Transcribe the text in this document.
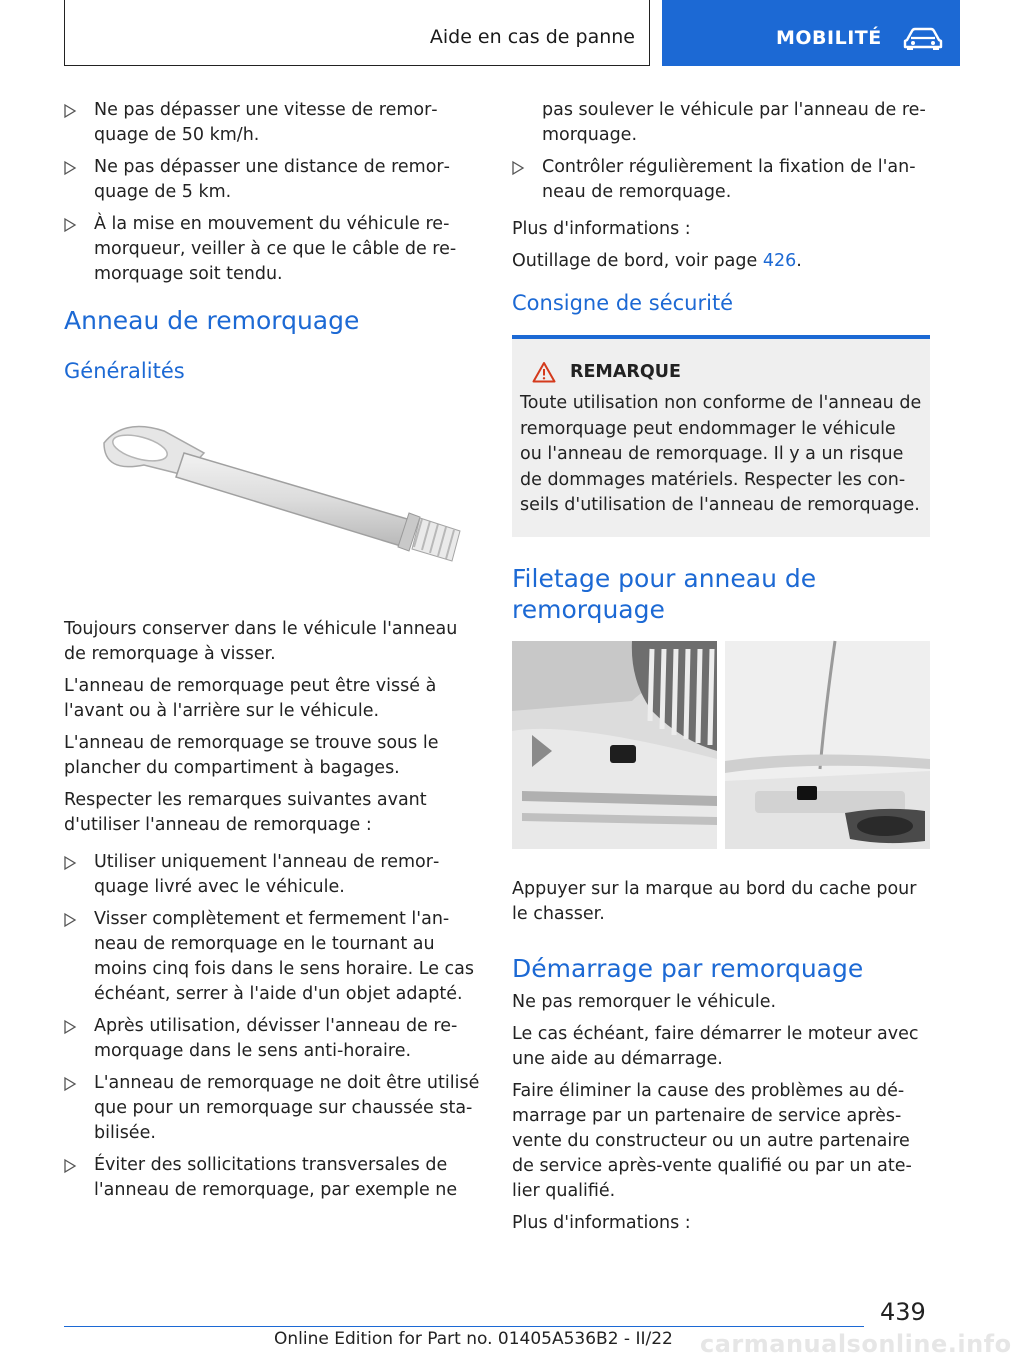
Aide en cas de panne	MOBILITÉ
Ne pas dépasser une vitesse de remorquage de 50 km/h.
Ne pas dépasser une distance de remorquage de 5 km.
À la mise en mouvement du véhicule remorqueur, veiller à ce que le câble de remorquage soit tendu.
Anneau de remorquage
Généralités

Toujours conserver dans le véhicule l'anneau de remorquage à visser.

L'anneau de remorquage peut être vissé à l'avant ou à l'arrière sur le véhicule.

L'anneau de remorquage se trouve sous le plancher du compartiment à bagages.

Respecter les remarques suivantes avant d'utiliser l'anneau de remorquage :

Utiliser uniquement l'anneau de remorquage livré avec le véhicule.
Visser complètement et fermement l'anneau de remorquage en le tournant au moins cinq fois dans le sens horaire. Le cas échéant, serrer à l'aide d'un objet adapté.
Après utilisation, dévisser l'anneau de remorquage dans le sens anti-horaire.
L'anneau de remorquage ne doit être utilisé que pour un remorquage sur chaussée stabilisée.
Éviter des sollicitations transversales de l'anneau de remorquage, par exemple ne
pas soulever le véhicule par l'anneau de remorquage.
Contrôler régulièrement la fixation de l'anneau de remorquage.

Plus d'informations :

Outillage de bord, voir page 426.

Consigne de sécurité
REMARQUE

Toute utilisation non conforme de l'anneau de remorquage peut endommager le véhicule ou l'anneau de remorquage. Il y a un risque de dommages matériels. Respecter les conseils d'utilisation de l'anneau de remorquage.

Filetage pour anneau de remorquage

Appuyer sur la marque au bord du cache pour le chasser.

Démarrage par remorquage

Ne pas remorquer le véhicule.

Le cas échéant, faire démarrer le moteur avec une aide au démarrage.

Faire éliminer la cause des problèmes au démarrage par un partenaire de service après-vente du constructeur ou un autre partenaire de service après-vente qualifié ou par un atelier qualifié.

Plus d'informations :

439
carmanualsonline.info
Online Edition for Part no. 01405A536B2 - II/22
